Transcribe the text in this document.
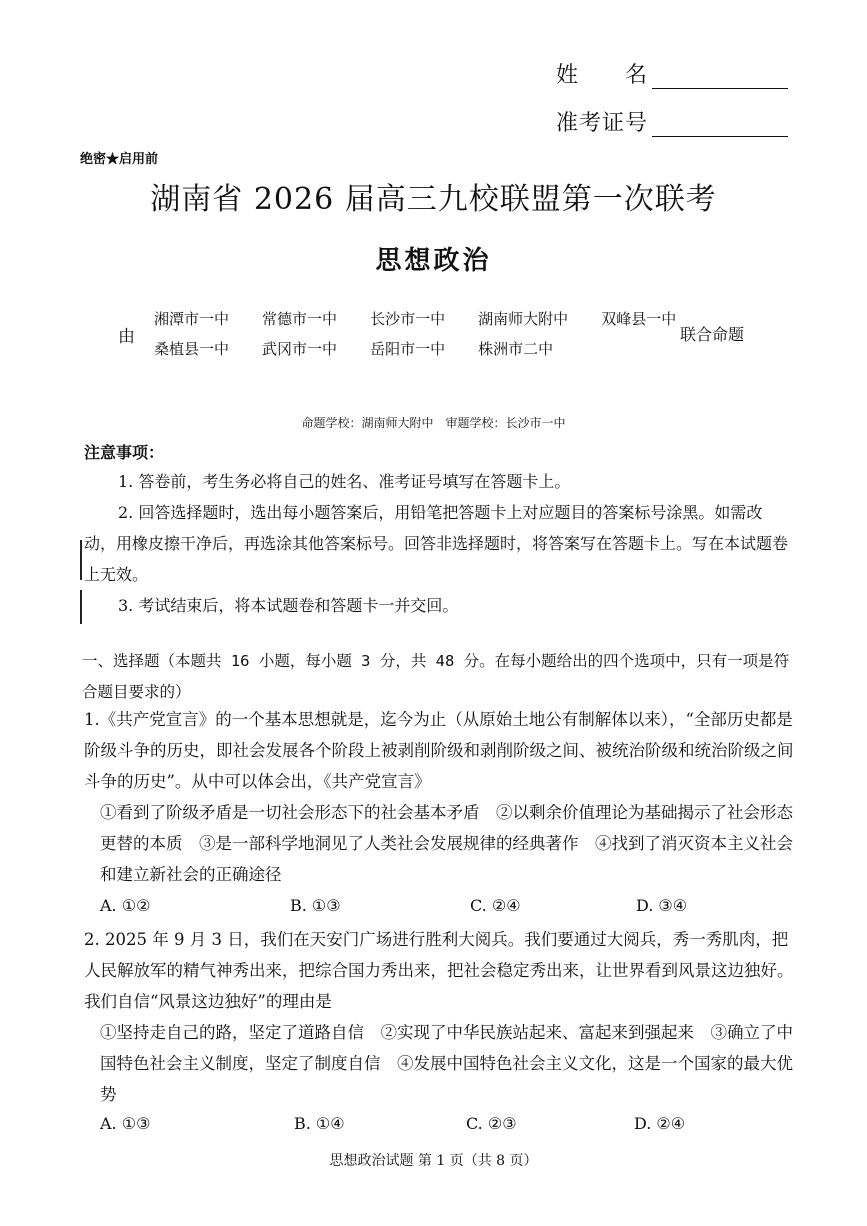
姓　　名
准考证号
绝密★启用前
湖南省 2026 届高三九校联盟第一次联考
思想政治
由
湘潭市一中 常德市一中 长沙市一中 湖南师大附中 双峰县一中
桑植县一中 武冈市一中 岳阳市一中 株洲市二中
联合命题
命题学校：湖南师大附中　审题学校：长沙市一中
注意事项：
1. 答卷前，考生务必将自己的姓名、准考证号填写在答题卡上。
2. 回答选择题时，选出每小题答案后，用铅笔把答题卡上对应题目的答案标号涂黑。如需改动，用橡皮擦干净后，再选涂其他答案标号。回答非选择题时，将答案写在答题卡上。写在本试题卷上无效。
3. 考试结束后，将本试题卷和答题卡一并交回。
一、选择题（本题共 16 小题，每小题 3 分，共 48 分。在每小题给出的四个选项中，只有一项是符合题目要求的）
1.《共产党宣言》的一个基本思想就是，迄今为止（从原始土地公有制解体以来），“全部历史都是阶级斗争的历史，即社会发展各个阶段上被剥削阶级和剥削阶级之间、被统治阶级和统治阶级之间斗争的历史”。从中可以体会出，《共产党宣言》
①看到了阶级矛盾是一切社会形态下的社会基本矛盾　②以剩余价值理论为基础揭示了社会形态更替的本质　③是一部科学地洞见了人类社会发展规律的经典著作　④找到了消灭资本主义社会和建立新社会的正确途径
A. ①②	B. ①③	C. ②④	D. ③④
2. 2025 年 9 月 3 日，我们在天安门广场进行胜利大阅兵。我们要通过大阅兵，秀一秀肌肉，把人民解放军的精气神秀出来，把综合国力秀出来，把社会稳定秀出来，让世界看到风景这边独好。我们自信“风景这边独好”的理由是
①坚持走自己的路，坚定了道路自信　②实现了中华民族站起来、富起来到强起来　③确立了中国特色社会主义制度，坚定了制度自信　④发展中国特色社会主义文化，这是一个国家的最大优势
A. ①③	B. ①④	C. ②③	D. ②④
思想政治试题 第 1 页（共 8 页）
